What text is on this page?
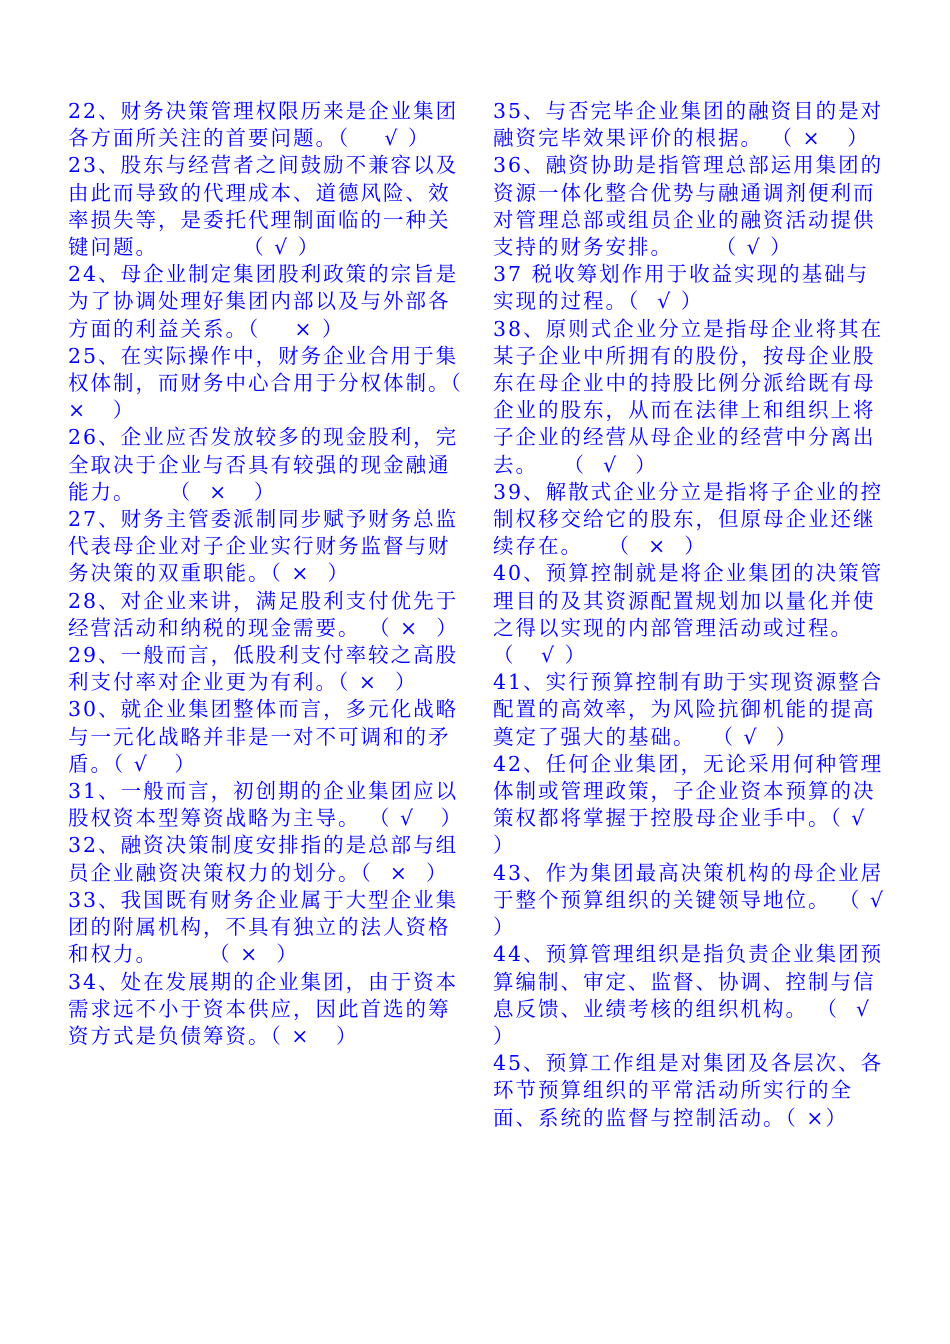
22、财务决策管理权限历来是企业集团各方面所关注的首要问题。（    √ ）

23、股东与经营者之间鼓励不兼容以及由此而导致的代理成本、道德风险、效率损失等，是委托代理制面临的一种关键问题。          （ √ ）

24、母企业制定集团股利政策的宗旨是为了协调处理好集团内部以及与外部各方面的利益关系。（    × ）

25、在实际操作中，财务企业合用于集权体制，而财务中心合用于分权体制。（ ×   ）

26、企业应否发放较多的现金股利，完全取决于企业与否具有较强的现金融通能力。    （  ×   ）

27、财务主管委派制同步赋予财务总监代表母企业对子企业实行财务监督与财务决策的双重职能。（ ×  ）

28、对企业来讲，满足股利支付优先于经营活动和纳税的现金需要。 （ ×  ）

29、一般而言，低股利支付率较之高股利支付率对企业更为有利。（ ×  ）

30、就企业集团整体而言，多元化战略与一元化战略并非是一对不可调和的矛盾。（ √   ）

31、一般而言，初创期的企业集团应以股权资本型筹资战略为主导。 （ √   ）

32、融资决策制度安排指的是总部与组员企业融资决策权力的划分。（  ×  ）

33、我国既有财务企业属于大型企业集团的附属机构，不具有独立的法人资格和权力。      （ ×  ）

34、处在发展期的企业集团，由于资本需求远不小于资本供应，因此首选的筹资方式是负债筹资。（ ×   ）

35、与否完毕企业集团的融资目的是对融资完毕效果评价的根据。 （ ×   ）

36、融资协助是指管理总部运用集团的资源一体化整合优势与融通调剂便利而对管理总部或组员企业的融资活动提供支持的财务安排。     （ √ ）

37 税收筹划作用于收益实现的基础与实现的过程。（  √ ）

38、原则式企业分立是指母企业将其在某子企业中所拥有的股份，按母企业股东在母企业中的持股比例分派给既有母企业的股东，从而在法律上和组织上将子企业的经营从母企业的经营中分离出去。   （  √  ）

39、解散式企业分立是指将子企业的控制权移交给它的股东，但原母企业还继续存在。   （  ×  ）

40、预算控制就是将企业集团的决策管理目的及其资源配置规划加以量化并使之得以实现的内部管理活动或过程。  （   √ ）

41、实行预算控制有助于实现资源整合配置的高效率，为风险抗御机能的提高奠定了强大的基础。  （ √  ）

42、任何企业集团，无论采用何种管理体制或管理政策，子企业资本预算的决策权都将掌握于控股母企业手中。（ √  ）

43、作为集团最高决策机构的母企业居于整个预算组织的关键领导地位。 （ √  ）

44、预算管理组织是指负责企业集团预算编制、审定、监督、协调、控制与信息反馈、业绩考核的组织机构。 （  √ ）

45、预算工作组是对集团及各层次、各环节预算组织的平常活动所实行的全面、系统的监督与控制活动。（ ×）
